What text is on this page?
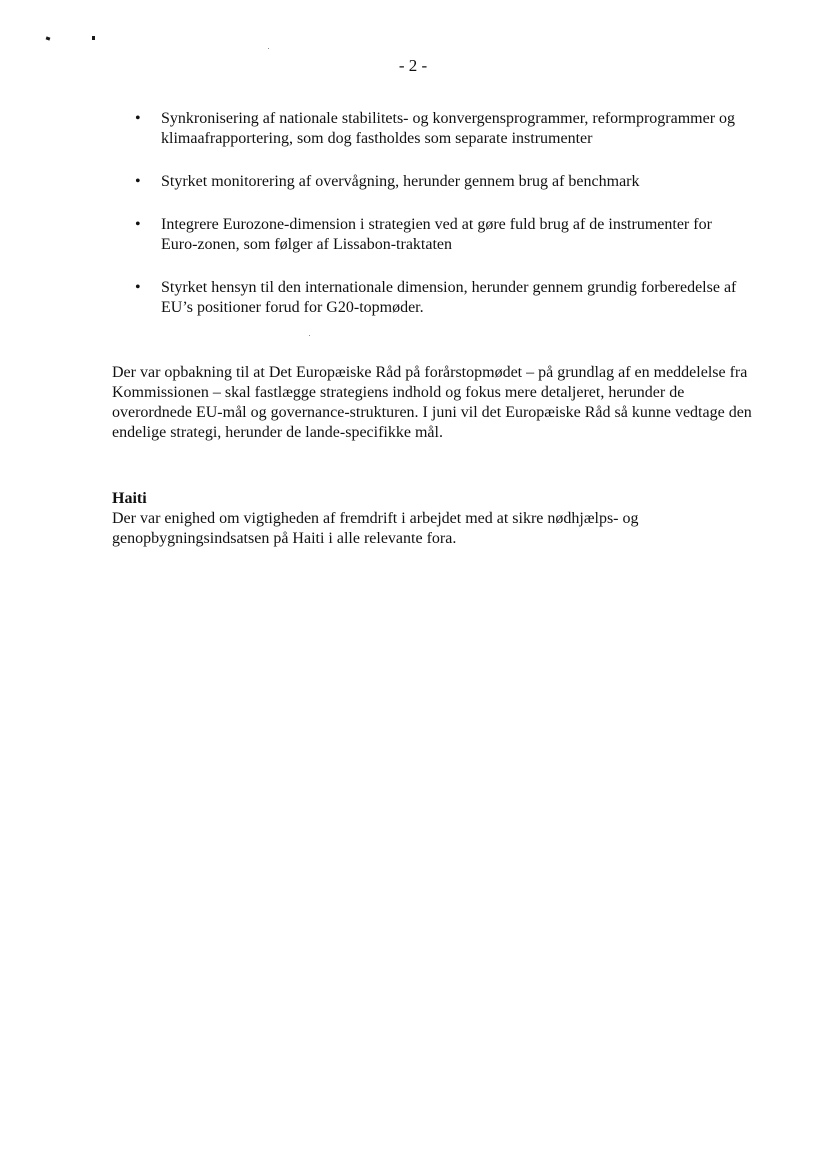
- 2 -
• Synkronisering af nationale stabilitets- og konvergensprogrammer, reformprogrammer og klimaafrapportering, som dog fastholdes som separate instrumenter
• Styrket monitorering af overvågning, herunder gennem brug af benchmark
• Integrere Eurozone-dimension i strategien ved at gøre fuld brug af de instrumenter for Euro-zonen, som følger af Lissabon-traktaten
• Styrket hensyn til den internationale dimension, herunder gennem grundig forberedelse af EU’s positioner forud for G20-topmøder.

Der var opbakning til at Det Europæiske Råd på forårstopmødet – på grundlag af en meddelelse fra Kommissionen – skal fastlægge strategiens indhold og fokus mere detaljeret, herunder de overordnede EU-mål og governance-strukturen. I juni vil det Europæiske Råd så kunne vedtage den endelige strategi, herunder de lande-specifikke mål.

Haiti

Der var enighed om vigtigheden af fremdrift i arbejdet med at sikre nødhjælps- og genopbygningsindsatsen på Haiti i alle relevante fora.
